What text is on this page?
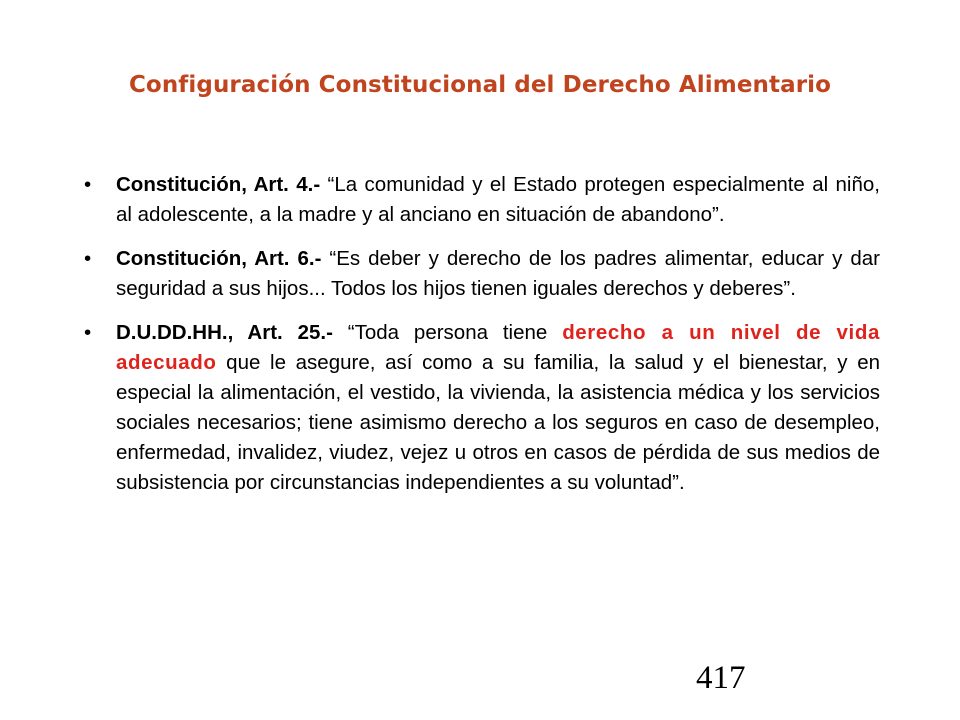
Configuración Constitucional del Derecho Alimentario
•	Constitución, Art. 4.- “La comunidad y el Estado protegen especialmente al niño, al adolescente, a la madre y al anciano en situación de abandono”.
•	Constitución, Art. 6.- “Es deber y derecho de los padres alimentar, educar y dar seguridad a sus hijos... Todos los hijos tienen iguales derechos y deberes”.
•	D.U.DD.HH., Art. 25.- “Toda persona tiene derecho a un nivel de vida adecuado que le asegure, así como a su familia, la salud y el bienestar, y en especial la alimentación, el vestido, la vivienda, la asistencia médica y los servicios sociales necesarios; tiene asimismo derecho a los seguros en caso de desempleo, enfermedad, invalidez, viudez, vejez u otros en casos de pérdida de sus medios de subsistencia por circunstancias independientes a su voluntad”.
417
